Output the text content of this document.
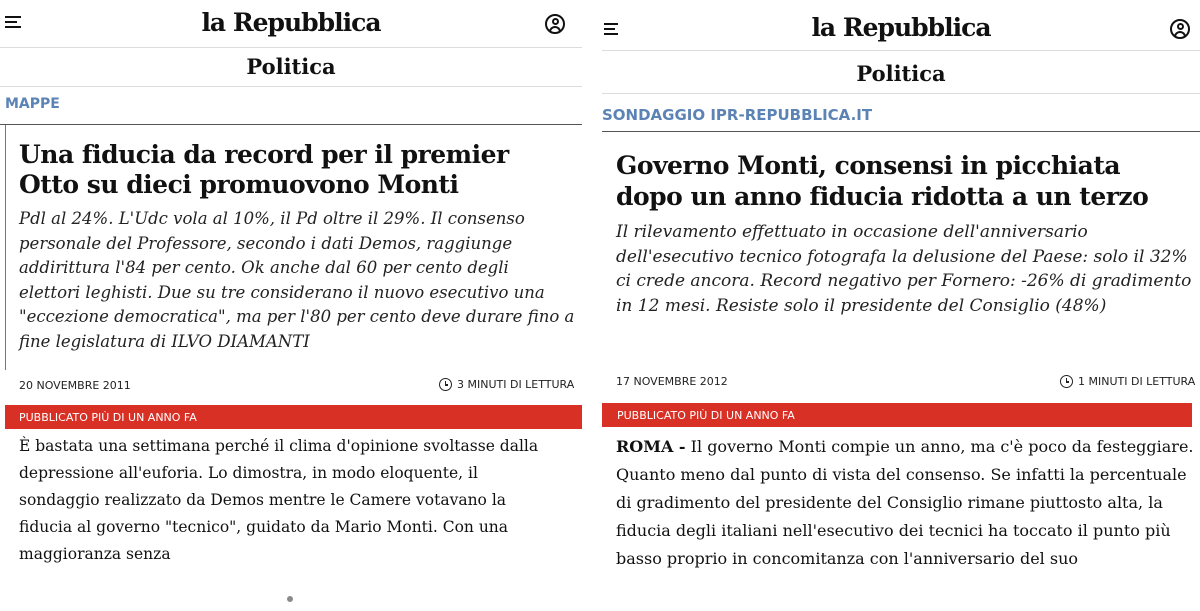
la Repubblica
Politica
MAPPE
Una fiducia da record per il premier
Otto su dieci promuovono Monti

Pdl al 24%. L'Udc vola al 10%, il Pd oltre il 29%. Il consenso personale del Professore, secondo i dati Demos, raggiunge addirittura l'84 per cento. Ok anche dal 60 per cento degli elettori leghisti. Due su tre considerano il nuovo esecutivo una "eccezione democratica", ma per l'80 per cento deve durare fino a fine legislatura di ILVO DIAMANTI

20 NOVEMBRE 2011	3 MINUTI DI LETTURA
PUBBLICATO PIÙ DI UN ANNO FA

È bastata una settimana perché il clima d'opinione svoltasse dalla depressione all'euforia. Lo dimostra, in modo eloquente, il sondaggio realizzato da Demos mentre le Camere votavano la fiducia al governo "tecnico", guidato da Mario Monti. Con una maggioranza senza

la Repubblica
Politica
SONDAGGIO IPR-REPUBBLICA.IT
Governo Monti, consensi in picchiata
dopo un anno fiducia ridotta a un terzo

Il rilevamento effettuato in occasione dell'anniversario dell'esecutivo tecnico fotografa la delusione del Paese: solo il 32% ci crede ancora. Record negativo per Fornero: -26% di gradimento in 12 mesi. Resiste solo il presidente del Consiglio (48%)

17 NOVEMBRE 2012	1 MINUTI DI LETTURA
PUBBLICATO PIÙ DI UN ANNO FA

ROMA - Il governo Monti compie un anno, ma c'è poco da festeggiare. Quanto meno dal punto di vista del consenso. Se infatti la percentuale di gradimento del presidente del Consiglio rimane piuttosto alta, la fiducia degli italiani nell'esecutivo dei tecnici ha toccato il punto più basso proprio in concomitanza con l'anniversario del suo
